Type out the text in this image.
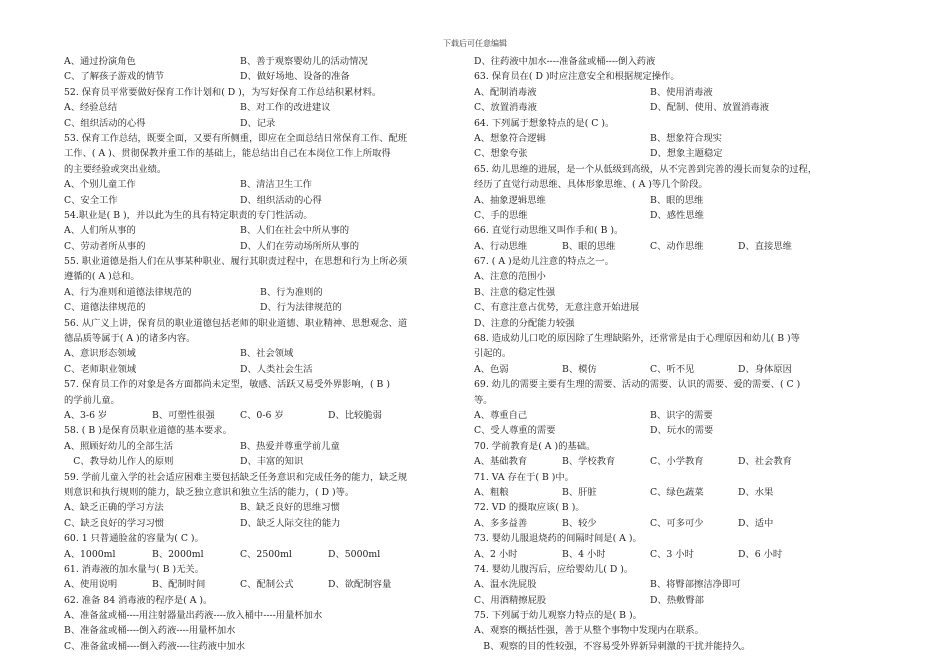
下载后可任意编辑
A、通过扮演角色	B、善于观察婴幼儿的活动情况
C、了解孩子游戏的情节	D、做好场地、设备的准备
52. 保育员平常要做好保育工作计划和( D )，为写好保育工作总结积累材料。
A、经验总结	B、对工作的改进建议
C、组织活动的心得	D、记录
53. 保育工作总结，既要全面，又要有所侧重，即应在全面总结日常保育工作、配班
工作、( A )、贯彻保教并重工作的基础上，能总结出自己在本岗位工作上所取得
的主要经验或突出业绩。
A、个别儿童工作	B、清洁卫生工作
C、安全工作	D、组织活动的心得
54.职业是( B )，并以此为生的具有特定职责的专门性活动。
A、人们所从事的	B、人们在社会中所从事的
C、劳动者所从事的	D、人们在劳动场所所从事的
55. 职业道德是指人们在从事某种职业、履行其职责过程中，在思想和行为上所必须
遵循的( A )总和。
A、行为准则和道德法律规范的	B、行为准则的
C、道德法律规范的	D、行为法律规范的
56. 从广义上讲，保育员的职业道德包括老师的职业道德、职业精神、思想观念、道
德品质等属于( A )的诸多内容。
A、意识形态领域	B、社会领域
C、老师职业领域	D、人类社会生活
57. 保育员工作的对象是各方面都尚未定型，敏感、活跃又易受外界影响，( B )
的学前儿童。
A、3-6 岁	B、可塑性很强	C、0-6 岁	D、比较脆弱
58. ( B )是保育员职业道德的基本要求。
A、照顾好幼儿的全部生活	B、热爱并尊重学前儿童
　C、教导幼儿作人的原则	D、丰富的知识
59. 学前儿童入学的社会适应困难主要包括缺乏任务意识和完成任务的能力，缺乏规
则意识和执行规则的能力，缺乏独立意识和独立生活的能力，( D )等。
A、缺乏正确的学习方法	B、缺乏良好的思维习惯
C、缺乏良好的学习习惯	D、缺乏人际交往的能力
60. 1 只普通脸盆的容量为( C )。
A、1000ml	B、2000ml	C、2500ml	D、5000ml
61. 消毒液的加水量与( B )无关。
A、使用说明	B、配制时间	C、配制公式	D、欲配制容量
62. 准备 84 消毒液的程序是( A )。
A、准备盆或桶----用注射器量出药液----放入桶中----用量杯加水
B、准备盆或桶----倒入药液----用量杯加水
C、准备盆或桶----倒入药液----往药液中加水
D、往药液中加水----准备盆或桶----倒入药液
63. 保育员在( D )时应注意安全和根据规定操作。
A、配制消毒液	B、使用消毒液
C、放置消毒液	D、配制、使用、放置消毒液
64. 下列属于想象特点的是( C )。
A、想象符合逻辑	B、想象符合现实
C、想象夸张	D、想象主题稳定
65. 幼儿思维的进展，是一个从低级到高级，从不完善到完善的漫长而复杂的过程，
经历了直觉行动思维、具体形象思维、( A )等几个阶段。
A、抽象逻辑思维	B、眼的思维
C、手的思维	D、感性思维
66. 直觉行动思维又叫作手和( B )。
A、行动思维	B、眼的思维	C、动作思维	D、直接思维
67. ( A )是幼儿注意的特点之一。
A、注意的范围小
B、注意的稳定性强
C、有意注意占优势，无意注意开始进展
D、注意的分配能力较强
68. 造成幼儿口吃的原因除了生理缺陷外，还常常是由于心理原因和幼儿( B )等
引起的。
A、色弱	B、模仿	C、听不见	D、身体原因
69. 幼儿的需要主要有生理的需要、活动的需要、认识的需要、爱的需要、( C )
等。
A、尊重自己	B、识字的需要
C、受人尊重的需要	D、玩水的需要
70. 学前教育是( A )的基础。
A、基础教育	B、学校教育	C、小学教育	D、社会教育
71. VA 存在于( B )中。
A、粗粮	B、肝脏	C、绿色蔬菜	D、水果
72. VD 的摄取应该( B )。
A、多多益善	B、较少	C、可多可少	D、适中
73. 婴幼儿服退烧药的间隔时间是( A )。
A、2 小时	B、4 小时	C、3 小时	D、6 小时
74. 婴幼儿腹泻后，应给婴幼儿( D )。
A、温水洗屁股	B、将臀部擦洁净即可
C、用酒精擦屁股	D、热敷臀部
75. 下列属于幼儿观察力特点的是( B )。
A、观察的概括性强，善于从整个事物中发现内在联系。
　B、观察的目的性较强，不容易受外界新异刺激的干扰并能持久。
